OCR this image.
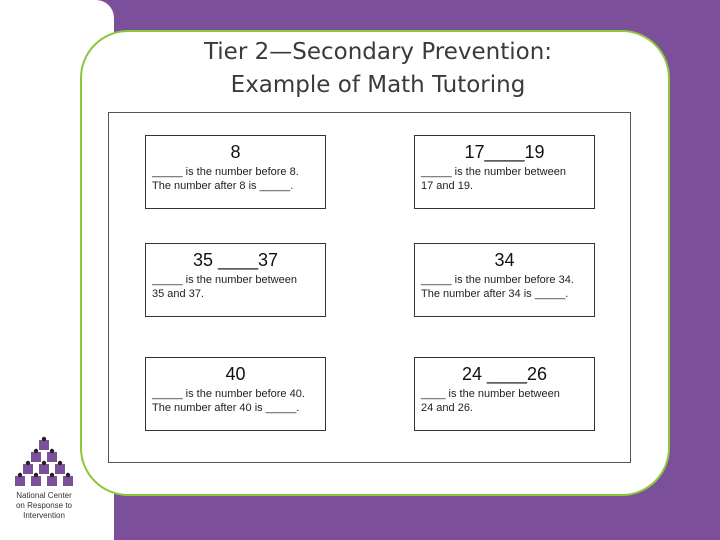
Tier 2—Secondary Prevention:
Example of Math Tutoring
8
_____ is the number before 8.
The number after 8 is _____.
17____19
_____ is the number between
17 and 19.
35 ____37
_____ is the number between
35 and 37.
34
_____ is the number before 34.
The number after 34 is _____.
40
_____ is the number before 40.
The number after 40 is _____.
24 ____26
____ is the number between
24 and 26.
National Center
on Response to
Intervention
